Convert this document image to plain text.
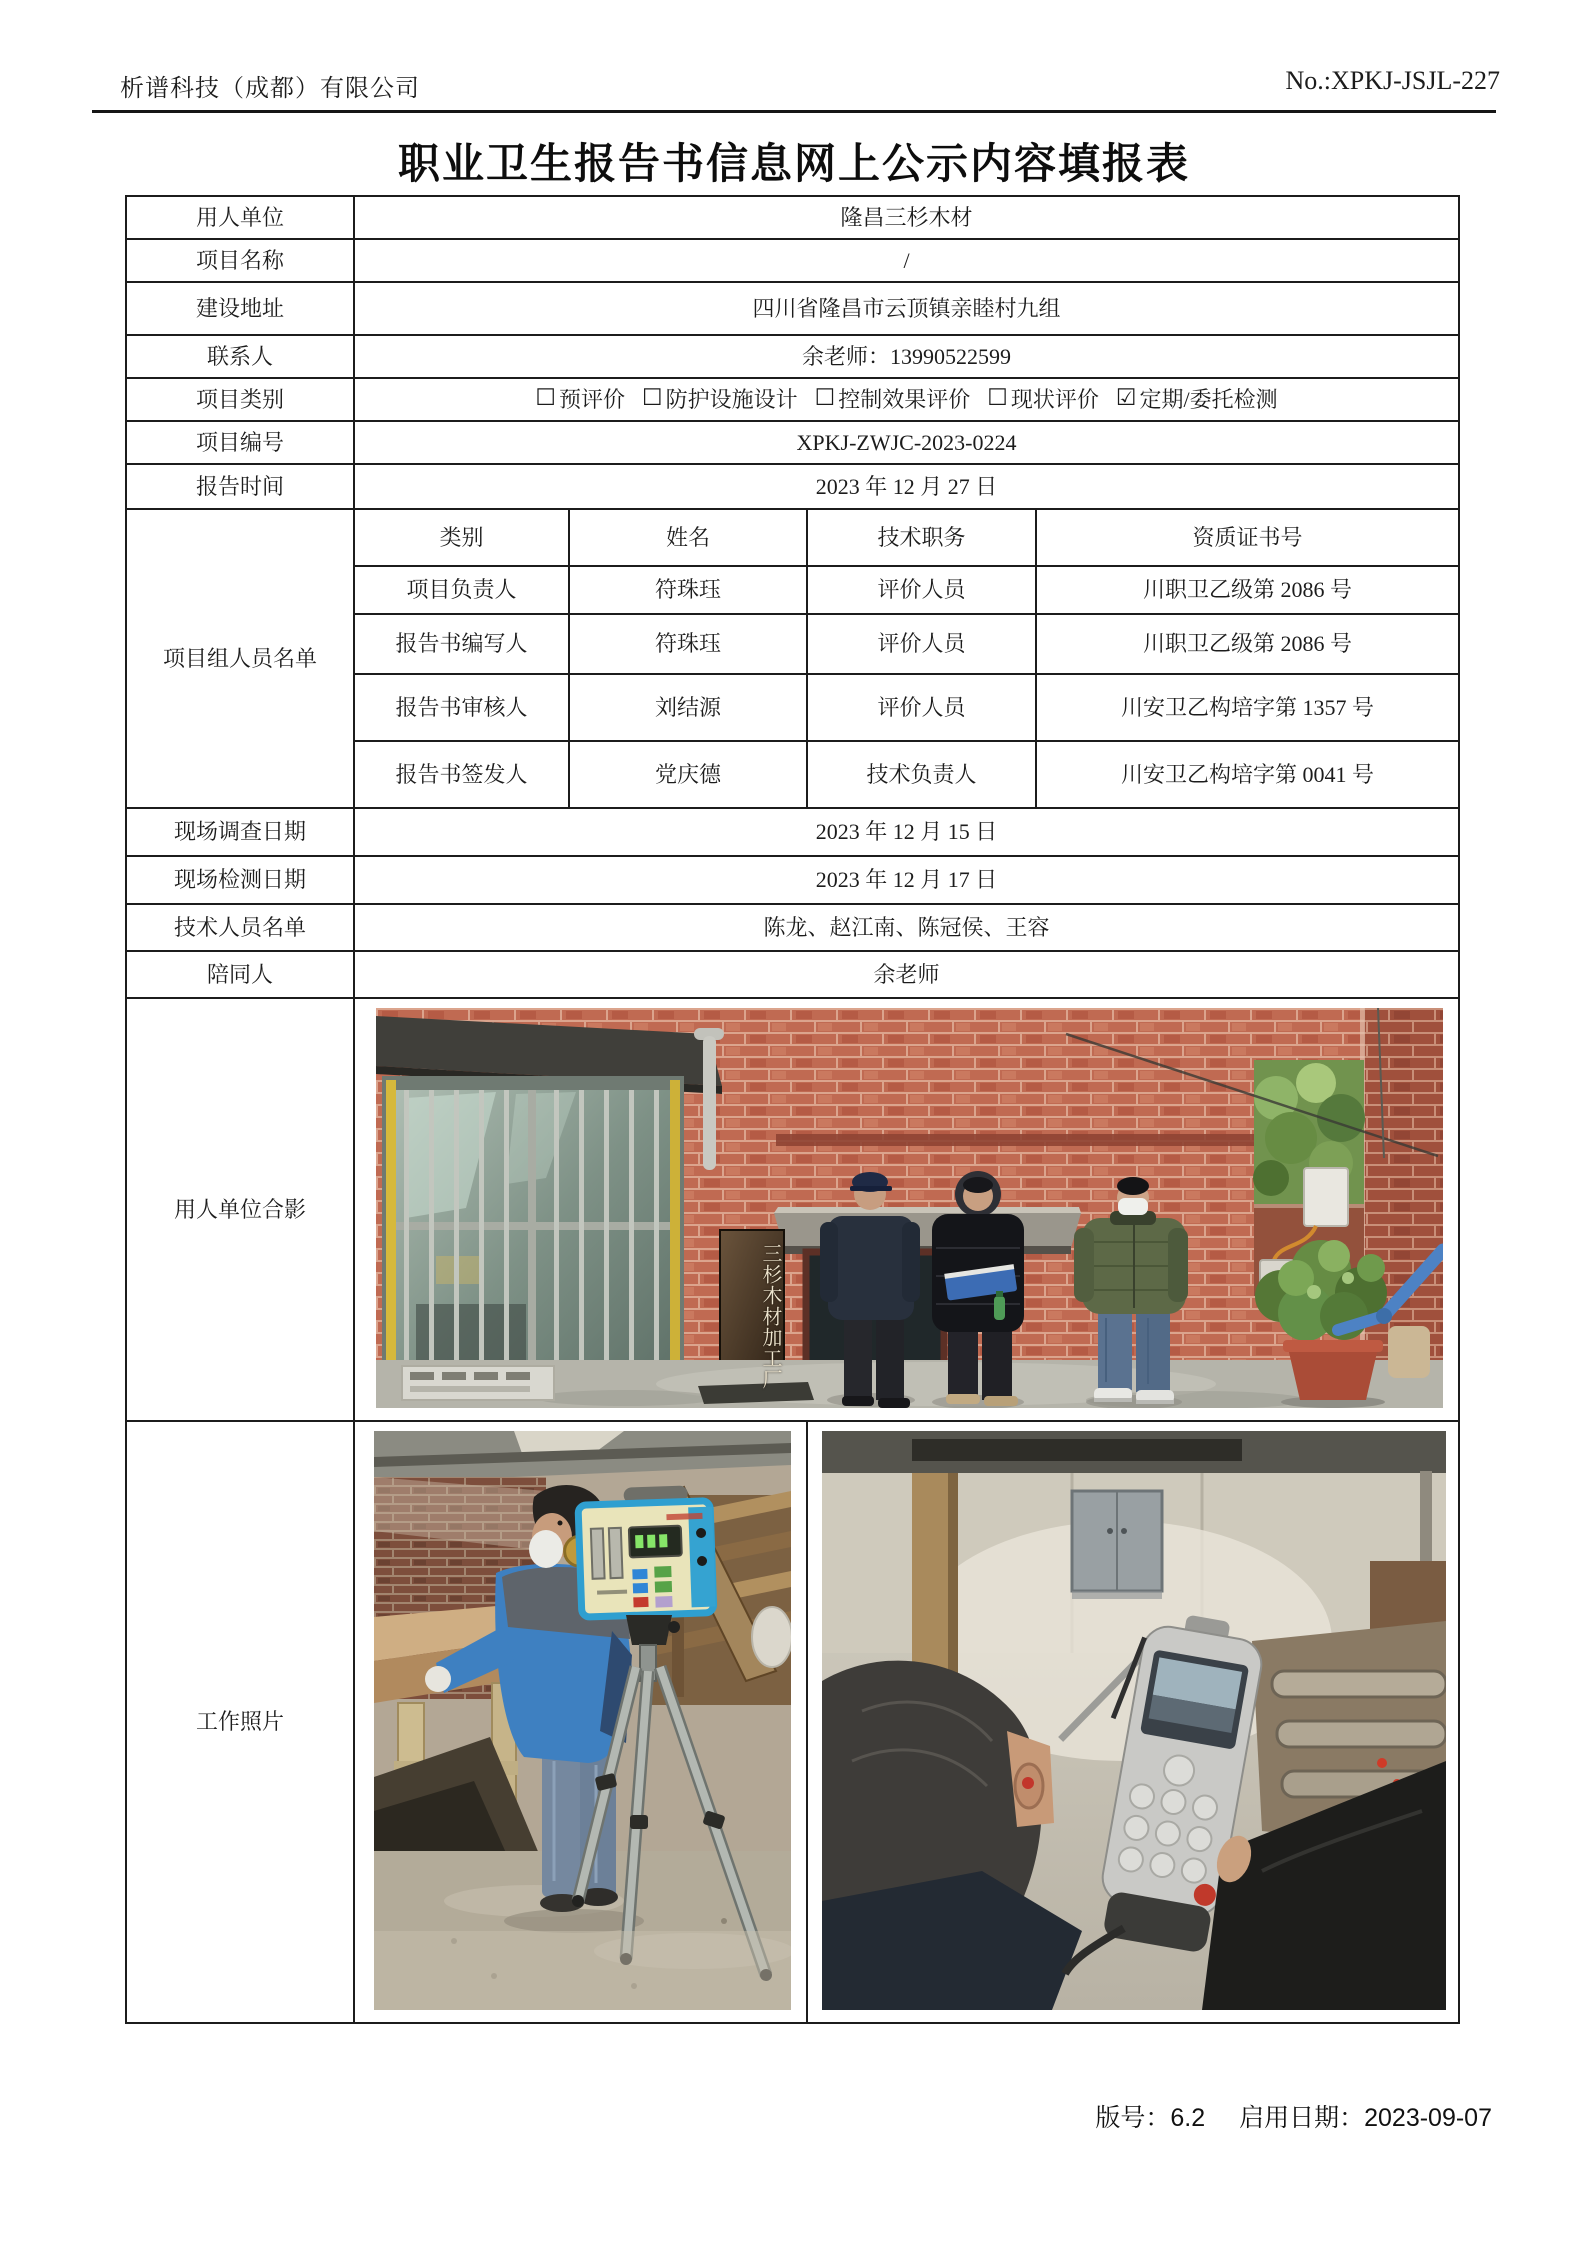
析谱科技（成都）有限公司	No.:XPKJ-JSJL-227
职业卫生报告书信息网上公示内容填报表
用人单位	隆昌三杉木材
项目名称	/
建设地址	四川省隆昌市云顶镇亲睦村九组
联系人	余老师：13990522599
项目类别	☐ 预评价 ☐ 防护设施设计 ☐ 控制效果评价 ☐ 现状评价 ☑ 定期/委托检测
项目编号	XPKJ-ZWJC-2023-0224
报告时间	2023 年 12 月 27 日
项目组人员名单
类别	姓名	技术职务	资质证书号
项目负责人	符珠珏	评价人员	川职卫乙级第 2086 号
报告书编写人	符珠珏	评价人员	川职卫乙级第 2086 号
报告书审核人	刘结源	评价人员	川安卫乙构培字第 1357 号
报告书签发人	党庆德	技术负责人	川安卫乙构培字第 0041 号
现场调查日期	2023 年 12 月 15 日
现场检测日期	2023 年 12 月 17 日
技术人员名单	陈龙、赵江南、陈冠侯、王容
陪同人	余老师
用人单位合影
三杉木材加工厂
工作照片
版号：6.2 启用日期：2023-09-07
